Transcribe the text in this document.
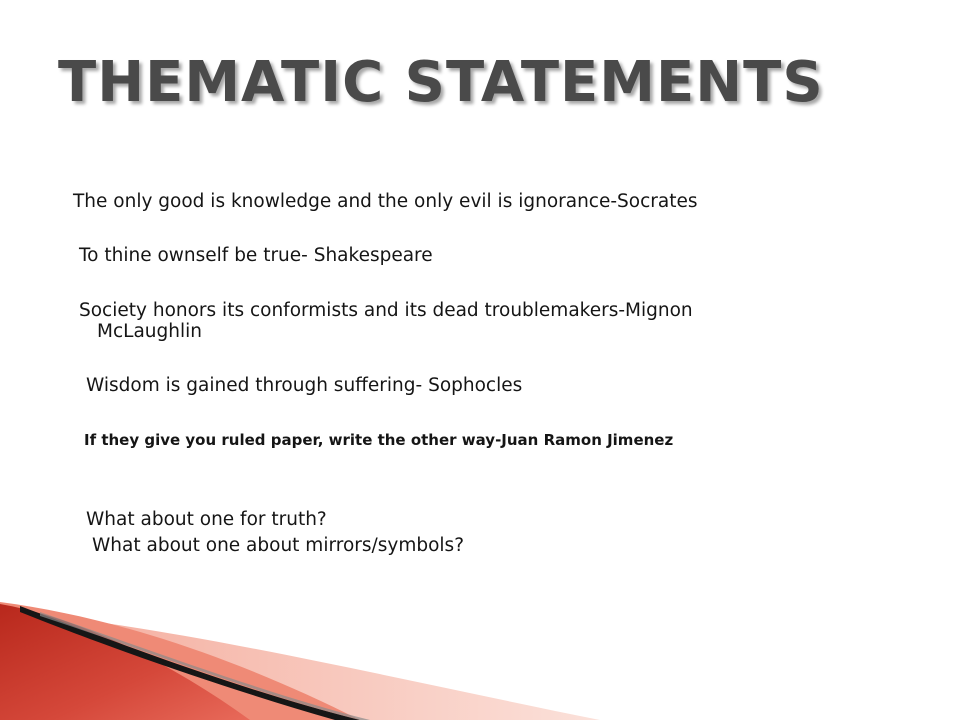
THEMATIC STATEMENTS

The only good is knowledge and the only evil is ignorance-Socrates

To thine ownself be true- Shakespeare

Society honors its conformists and its dead troublemakers-Mignon
McLaughlin

Wisdom is gained through suffering- Sophocles

If they give you ruled paper, write the other way-Juan Ramon Jimenez

What about one for truth?

What about one about mirrors/symbols?
